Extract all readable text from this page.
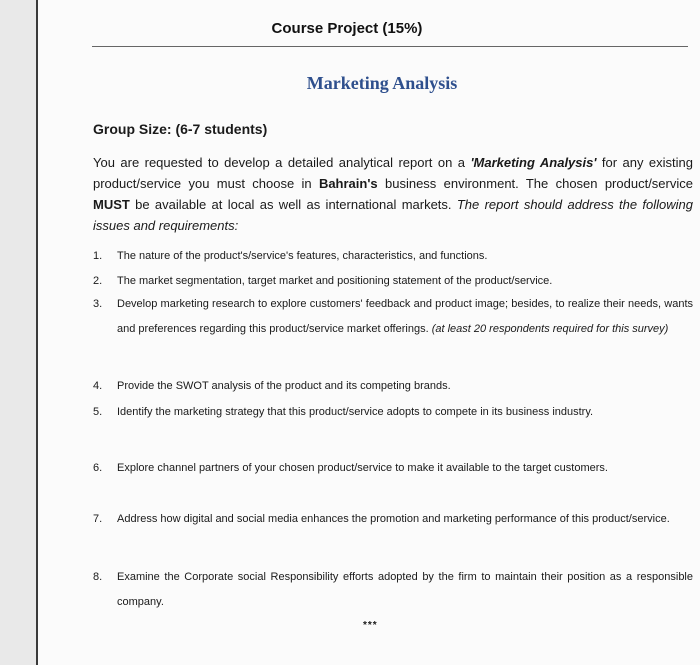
Course Project (15%)
Marketing Analysis
Group Size: (6-7 students)
You are requested to develop a detailed analytical report on a 'Marketing Analysis' for any existing product/service you must choose in Bahrain's business environment. The chosen product/service MUST be available at local as well as international markets. The report should address the following issues and requirements:
1. The nature of the product's/service's features, characteristics, and functions.
2. The market segmentation, target market and positioning statement of the product/service.
3. Develop marketing research to explore customers' feedback and product image; besides, to realize their needs, wants and preferences regarding this product/service market offerings. (at least 20 respondents required for this survey)
4. Provide the SWOT analysis of the product and its competing brands.
5. Identify the marketing strategy that this product/service adopts to compete in its business industry.
6. Explore channel partners of your chosen product/service to make it available to the target customers.
7. Address how digital and social media enhances the promotion and marketing performance of this product/service.
8. Examine the Corporate social Responsibility efforts adopted by the firm to maintain their position as a responsible company.
***
